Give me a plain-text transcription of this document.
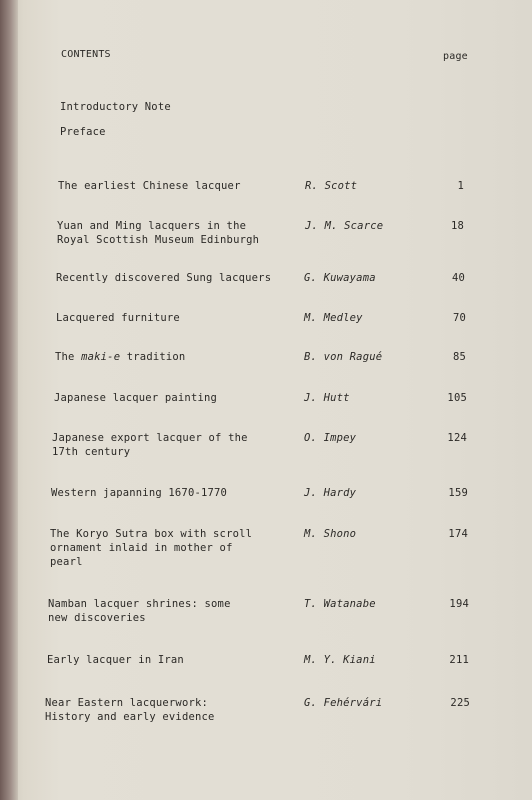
CONTENTS	page
Introductory Note
Preface
The earliest Chinese lacquer	R. Scott	1
Yuan and Ming lacquers in the
Royal Scottish Museum Edinburgh
J. M. Scarce	18
Recently discovered Sung lacquers	G. Kuwayama	40
Lacquered furniture	M. Medley	70
The maki-e tradition	B. von Ragué	85
Japanese lacquer painting	J. Hutt	105
Japanese export lacquer of the
17th century
O. Impey	124
Western japanning 1670-1770	J. Hardy	159
The Koryo Sutra box with scroll
ornament inlaid in mother of
pearl
M. Shono	174
Namban lacquer shrines: some
new discoveries
T. Watanabe	194
Early lacquer in Iran	M. Y. Kiani	211
Near Eastern lacquerwork:
History and early evidence
G. Fehérvári	225
